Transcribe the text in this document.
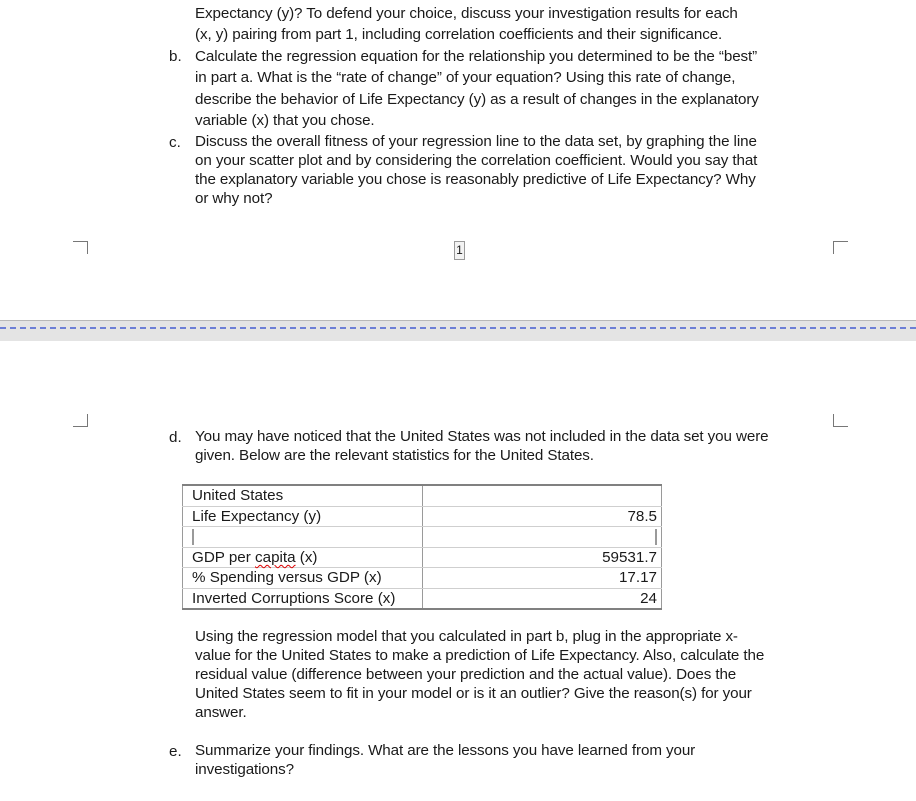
Expectancy (y)? To defend your choice, discuss your investigation results for each
(x, y) pairing from part 1, including correlation coefficients and their significance.
b. Calculate the regression equation for the relationship you determined to be the “best”
in part a. What is the “rate of change” of your equation? Using this rate of change,
describe the behavior of Life Expectancy (y) as a result of changes in the explanatory
variable (x) that you chose.
c. Discuss the overall fitness of your regression line to the data set, by graphing the line
on your scatter plot and by considering the correlation coefficient. Would you say that
the explanatory variable you chose is reasonably predictive of Life Expectancy? Why
or why not?
1
d. You may have noticed that the United States was not included in the data set you were
given. Below are the relevant statistics for the United States.
United States	
Life Expectancy (y)	78.5

GDP per capita (x)	59531.7
% Spending versus GDP (x)	17.17
Inverted Corruptions Score (x)	24
Using the regression model that you calculated in part b, plug in the appropriate x-
value for the United States to make a prediction of Life Expectancy. Also, calculate the
residual value (difference between your prediction and the actual value). Does the
United States seem to fit in your model or is it an outlier? Give the reason(s) for your
answer.
e. Summarize your findings. What are the lessons you have learned from your
investigations?
